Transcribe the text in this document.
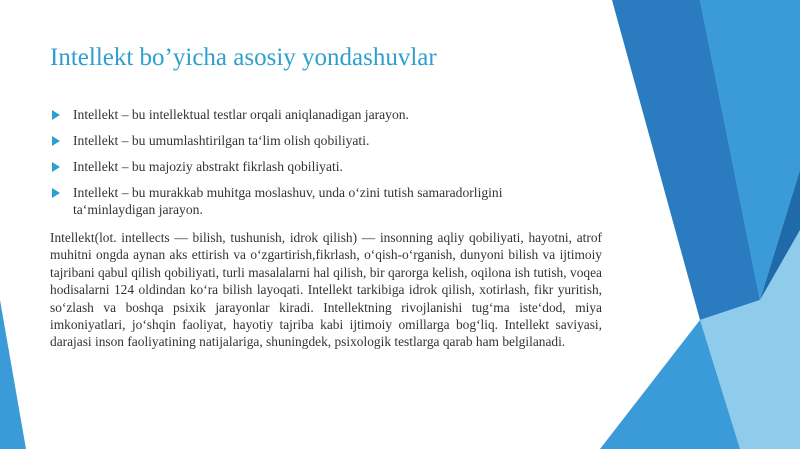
Intellekt bo’yicha asosiy yondashuvlar
Intellekt – bu intellektual testlar orqali aniqlanadigan jarayon.
Intellekt – bu umumlashtirilgan ta‘lim olish qobiliyati.
Intellekt – bu majoziy abstrakt fikrlash qobiliyati.
Intellekt – bu murakkab muhitga moslashuv, unda o‘zini tutish samaradorligini ta‘minlaydigan jarayon.

Intellekt(lot. intellects — bilish, tushunish, idrok qilish) — insonning aqliy qobiliyati, hayotni, atrof muhitni ongda aynan aks ettirish va o‘zgartirish,fikrlash, o‘qish-o‘rganish, dunyoni bilish va ijtimoiy tajribani qabul qilish qobiliyati, turli masalalarni hal qilish, bir qarorga kelish, oqilona ish tutish, voqea hodisalarni 124 oldindan ko‘ra bilish layoqati. Intellekt tarkibiga idrok qilish, xotirlash, fikr yuritish, so‘zlash va boshqa psixik jarayonlar kiradi. Intellektning rivojlanishi tug‘ma iste‘dod, miya imkoniyatlari, jo‘shqin faoliyat, hayotiy tajriba kabi ijtimoiy omillarga bog‘liq. Intellekt saviyasi, darajasi inson faoliyatining natijalariga, shuningdek, psixologik testlarga qarab ham belgilanadi.
